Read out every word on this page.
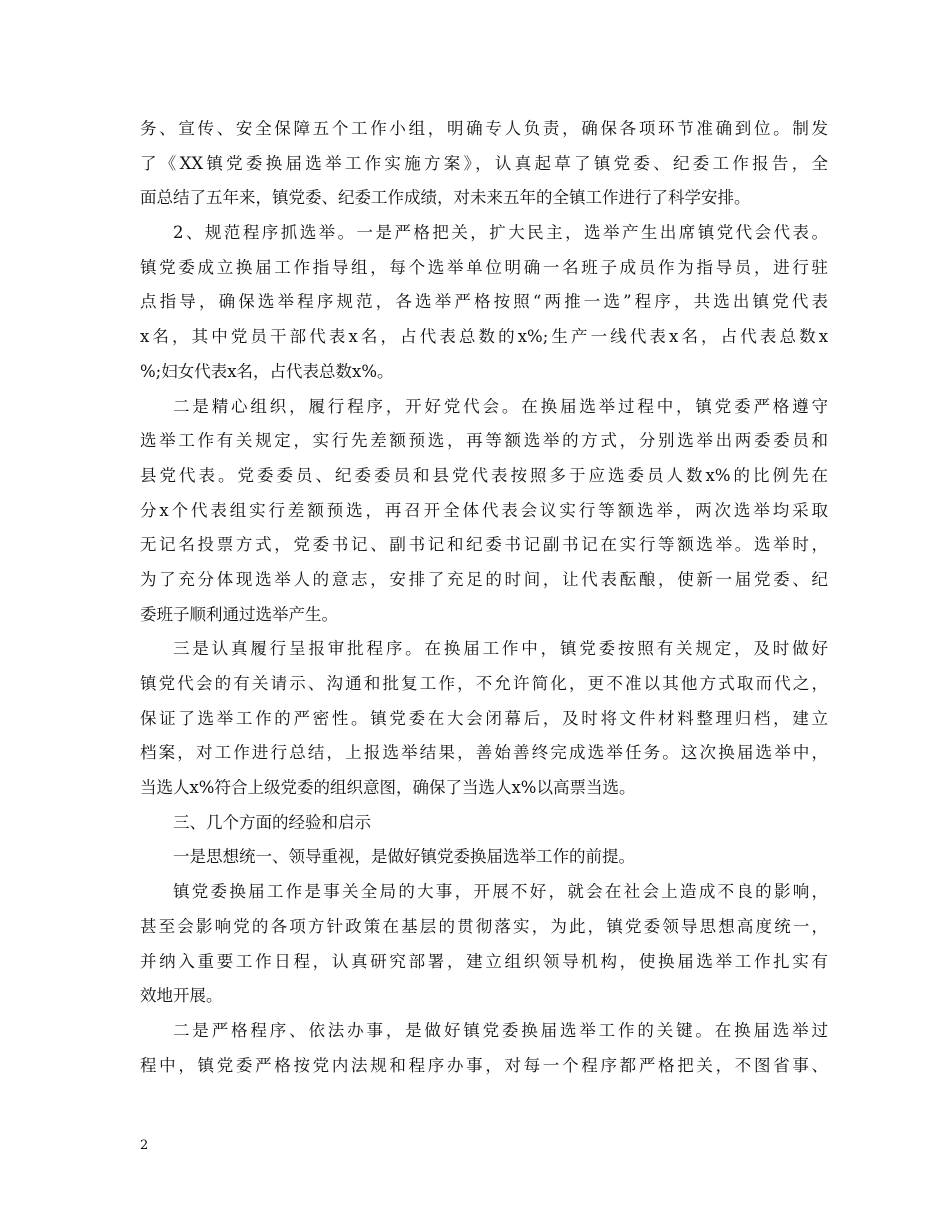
务、宣传、安全保障五个工作小组，明确专人负责，确保各项环节准确到位。制发
了《XX镇党委换届选举工作实施方案》，认真起草了镇党委、纪委工作报告，全
面总结了五年来，镇党委、纪委工作成绩，对未来五年的全镇工作进行了科学安排。
2、规范程序抓选举。一是严格把关，扩大民主，选举产生出席镇党代会代表。
镇党委成立换届工作指导组，每个选举单位明确一名班子成员作为指导员，进行驻
点指导，确保选举程序规范，各选举严格按照“两推一选”程序，共选出镇党代表
x名，其中党员干部代表x名，占代表总数的x%;生产一线代表x名，占代表总数x
%;妇女代表x名，占代表总数x%。
二是精心组织，履行程序，开好党代会。在换届选举过程中，镇党委严格遵守
选举工作有关规定，实行先差额预选，再等额选举的方式，分别选举出两委委员和
县党代表。党委委员、纪委委员和县党代表按照多于应选委员人数x%的比例先在
分x个代表组实行差额预选，再召开全体代表会议实行等额选举，两次选举均采取
无记名投票方式，党委书记、副书记和纪委书记副书记在实行等额选举。选举时，
为了充分体现选举人的意志，安排了充足的时间，让代表酝酿，使新一届党委、纪
委班子顺利通过选举产生。
三是认真履行呈报审批程序。在换届工作中，镇党委按照有关规定，及时做好
镇党代会的有关请示、沟通和批复工作，不允许简化，更不准以其他方式取而代之，
保证了选举工作的严密性。镇党委在大会闭幕后，及时将文件材料整理归档，建立
档案，对工作进行总结，上报选举结果，善始善终完成选举任务。这次换届选举中，
当选人x%符合上级党委的组织意图，确保了当选人x%以高票当选。
三、几个方面的经验和启示
一是思想统一、领导重视，是做好镇党委换届选举工作的前提。
镇党委换届工作是事关全局的大事，开展不好，就会在社会上造成不良的影响，
甚至会影响党的各项方针政策在基层的贯彻落实，为此，镇党委领导思想高度统一，
并纳入重要工作日程，认真研究部署，建立组织领导机构，使换届选举工作扎实有
效地开展。
二是严格程序、依法办事，是做好镇党委换届选举工作的关键。在换届选举过
程中，镇党委严格按党内法规和程序办事，对每一个程序都严格把关，不图省事、
2
